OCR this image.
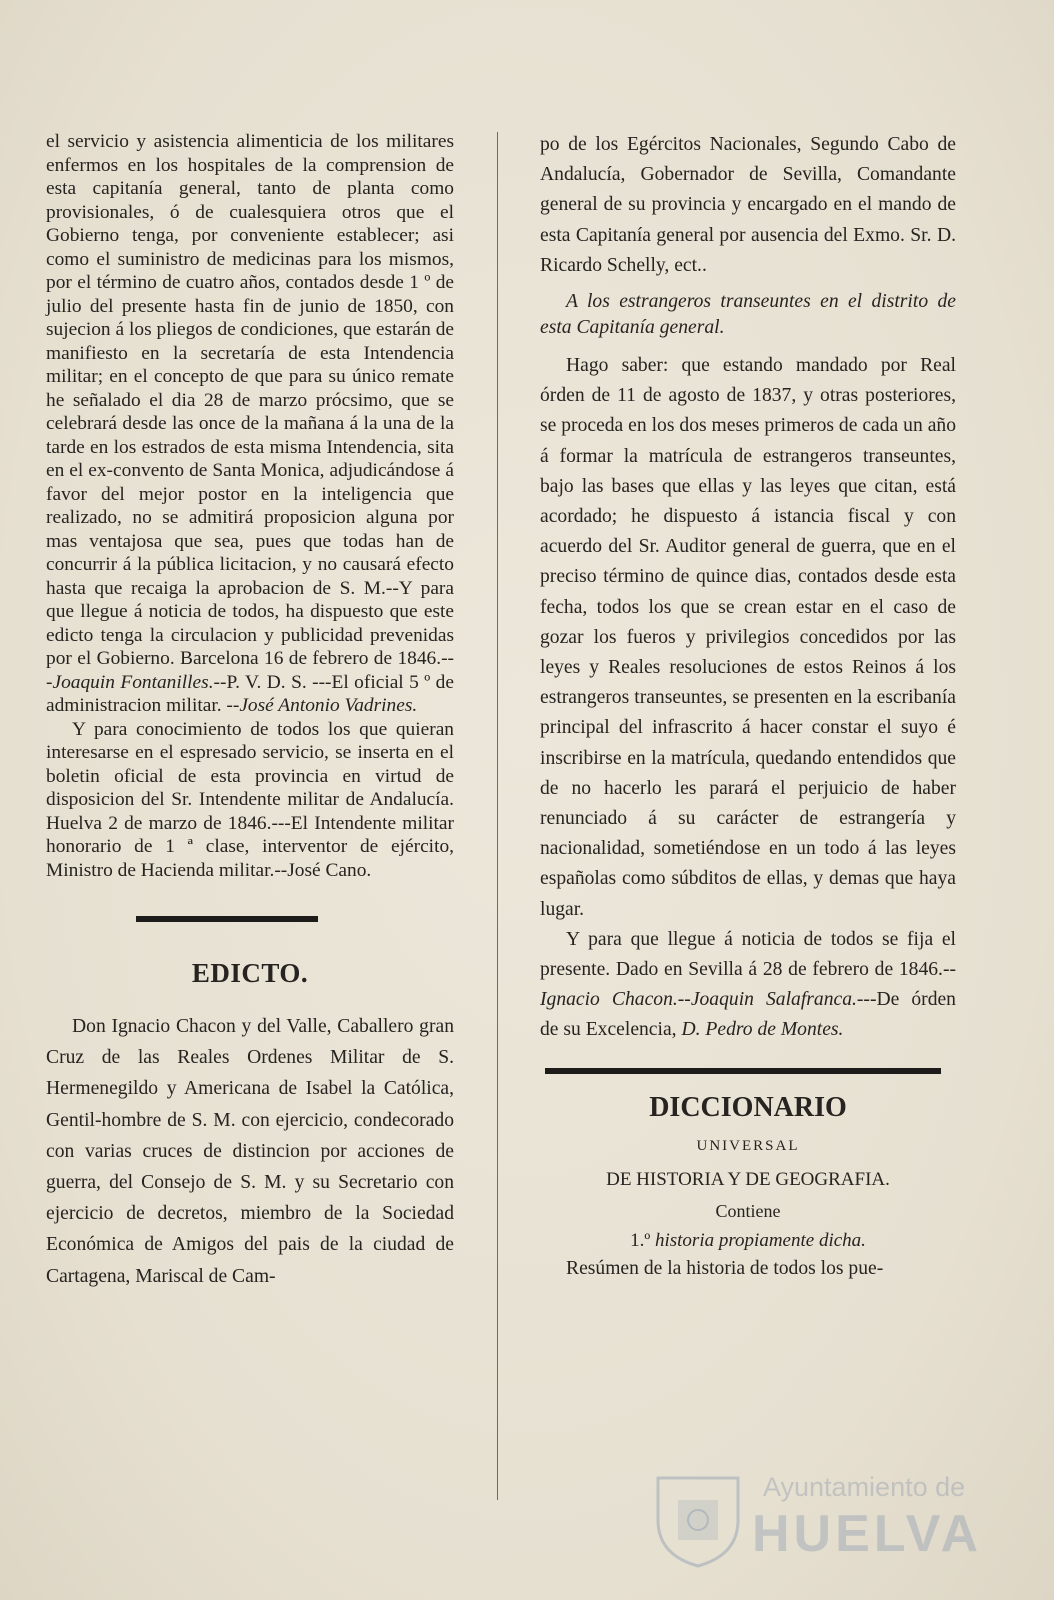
el servicio y asistencia alimenticia de los militares enfermos en los hospitales de la comprension de esta capitanía general, tanto de planta como provisionales, ó de cualesquiera otros que el Gobierno tenga, por conveniente establecer; asi como el suministro de medicinas para los mismos, por el término de cuatro años, contados desde 1 º de julio del presente hasta fin de junio de 1850, con sujecion á los pliegos de condiciones, que estarán de manifiesto en la secretaría de esta Intendencia militar; en el concepto de que para su único remate he señalado el dia 28 de marzo prócsimo, que se celebrará desde las once de la mañana á la una de la tarde en los estrados de esta misma Intendencia, sita en el ex-convento de Santa Monica, adjudicándose á favor del mejor postor en la inteligencia que realizado, no se admitirá proposicion alguna por mas ventajosa que sea, pues que todas han de concurrir á la pública licitacion, y no causará efecto hasta que recaiga la aprobacion de S. M.--Y para que llegue á noticia de todos, ha dispuesto que este edicto tenga la circulacion y publicidad prevenidas por el Gobierno. Barcelona 16 de febrero de 1846.---Joaquin Fontanilles.--P. V. D. S. ---El oficial 5 º de administracion militar. --José Antonio Vadrines.

Y para conocimiento de todos los que quieran interesarse en el espresado servicio, se inserta en el boletin oficial de esta provincia en virtud de disposicion del Sr. Intendente militar de Andalucía. Huelva 2 de marzo de 1846.---El Intendente militar honorario de 1 ª clase, interventor de ejército, Ministro de Hacienda militar.--José Cano.

EDICTO.

Don Ignacio Chacon y del Valle, Caballero gran Cruz de las Reales Ordenes Militar de S. Hermenegildo y Americana de Isabel la Católica, Gentil-hombre de S. M. con ejercicio, condecorado con varias cruces de distincion por acciones de guerra, del Consejo de S. M. y su Secretario con ejercicio de decretos, miembro de la Sociedad Económica de Amigos del pais de la ciudad de Cartagena, Mariscal de Cam-

po de los Egércitos Nacionales, Segundo Cabo de Andalucía, Gobernador de Sevilla, Comandante general de su provincia y encargado en el mando de esta Capitanía general por ausencia del Exmo. Sr. D. Ricardo Schelly, ect..

A los estrangeros transeuntes en el distrito de esta Capitanía general.

Hago saber: que estando mandado por Real órden de 11 de agosto de 1837, y otras posteriores, se proceda en los dos meses primeros de cada un año á formar la matrícula de estrangeros transeuntes, bajo las bases que ellas y las leyes que citan, está acordado; he dispuesto á istancia fiscal y con acuerdo del Sr. Auditor general de guerra, que en el preciso término de quince dias, contados desde esta fecha, todos los que se crean estar en el caso de gozar los fueros y privilegios concedidos por las leyes y Reales resoluciones de estos Reinos á los estrangeros transeuntes, se presenten en la escribanía principal del infrascrito á hacer constar el suyo é inscribirse en la matrícula, quedando entendidos que de no hacerlo les parará el perjuicio de haber renunciado á su carácter de estrangería y nacionalidad, sometiéndose en un todo á las leyes españolas como súbditos de ellas, y demas que haya lugar.

Y para que llegue á noticia de todos se fija el presente. Dado en Sevilla á 28 de febrero de 1846.--Ignacio Chacon.--Joaquin Salafranca.---De órden de su Excelencia, D. Pedro de Montes.

DICCIONARIO
UNIVERSAL
DE HISTORIA Y DE GEOGRAFIA.
Contiene
1.º historia propiamente dicha.

Resúmen de la historia de todos los pue-

Ayuntamiento de
HUELVA
